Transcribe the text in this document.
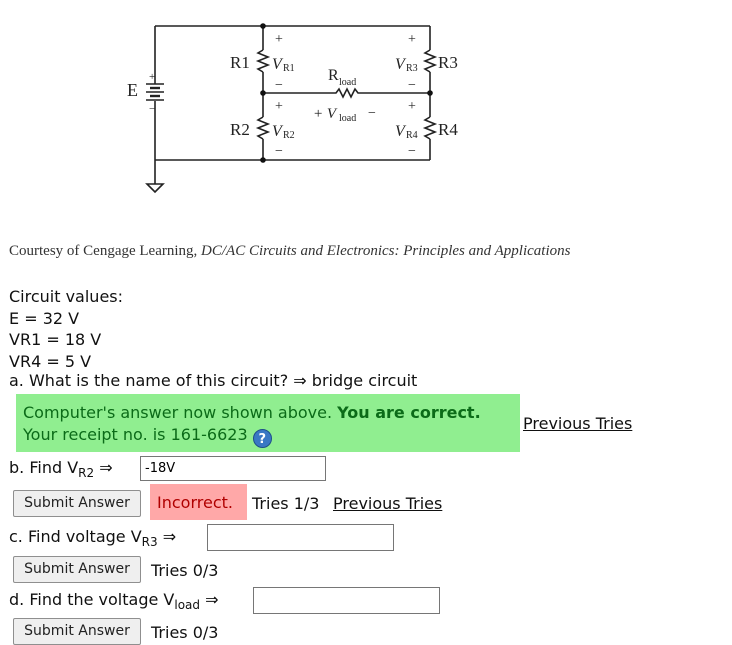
E
+
−
R1 V R1
+
−
R2 V R2
+
−
R3
V R3
+
−
R4
V R4
+
−
R load
+ V load −
Courtesy of Cengage Learning, DC/AC Circuits and Electronics: Principles and Applications
Circuit values:
E = 32 V
VR1 = 18 V
VR4 = 5 V
a. What is the name of this circuit? ⇒ bridge circuit
Computer's answer now shown above. You are correct.
Your receipt no. is 161-6623 ?
Previous Tries
b. Find $V_{R2}$ ⇒
-18V
Submit Answer	Incorrect.	Tries 1/3 Previous Tries
c. Find voltage $V_{R3}$ ⇒
Submit Answer	Tries 0/3
d. Find the voltage $V_{load}$ ⇒
Submit Answer	Tries 0/3
